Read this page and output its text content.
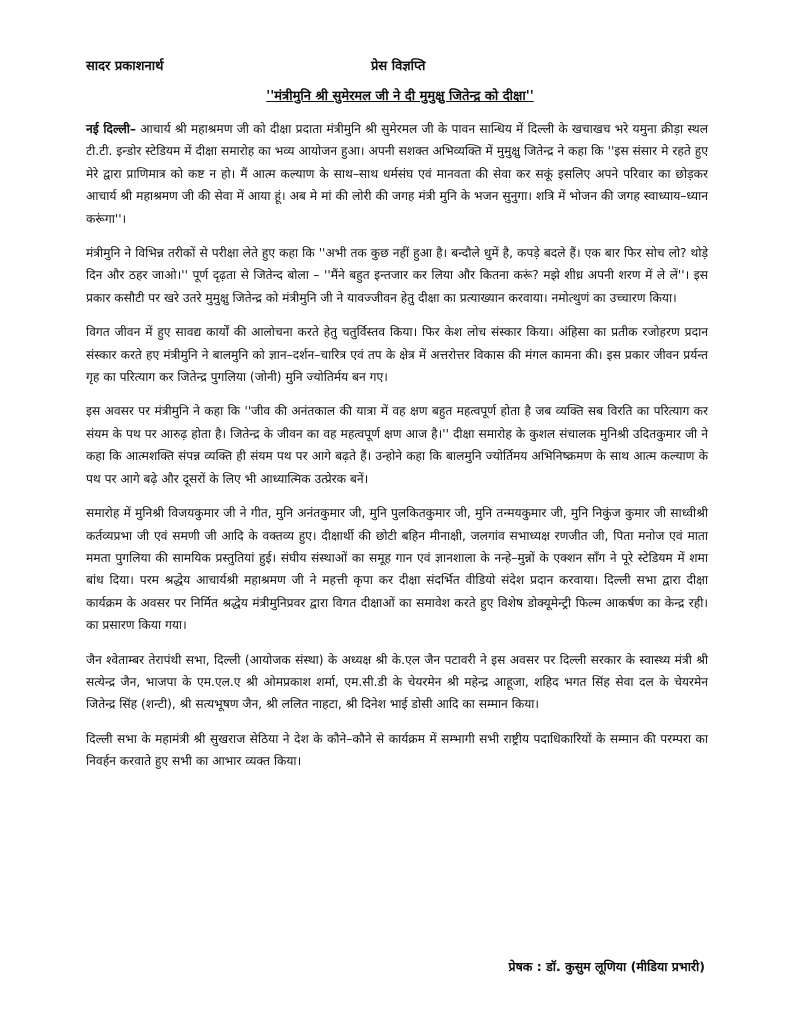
सादर प्रकाशनार्थ	प्रेस विज्ञप्ति
''मंत्रीमुनि श्री सुमेरमल जी ने दी मुमुक्षु जितेन्द्र को दीक्षा''

नई दिल्ली– आचार्य श्री महाश्रमण जी को दीक्षा प्रदाता मंत्रीमुनि श्री सुमेरमल जी के पावन सान्धिय में दिल्ली के खचाखच भरे यमुना क्रीड़ा स्थल टी.टी. इन्डोर स्टेडियम में दीक्षा समारोह का भव्य आयोजन हुआ। अपनी सशक्त अभिव्यक्ति में मुमुक्षु जितेन्द्र ने कहा कि ''इस संसार मे रहते हुए मेरे द्वारा प्राणिमात्र को कष्ट न हो। मैं आत्म कल्याण के साथ–साथ धर्मसंघ एवं मानवता की सेवा कर सकूं इसलिए अपने परिवार का छोड़कर आचार्य श्री महाश्रमण जी की सेवा में आया हूं। अब मे मां की लोरी की जगह मंत्री मुनि के भजन सुनुगा। शत्रि में भोजन की जगह स्वाध्याय–ध्यान करूंगा''।

मंत्रीमुनि ने विभिन्न तरीकों से परीक्षा लेते हुए कहा कि ''अभी तक कुछ नहीं हुआ है। बन्दौले धुमें है, कपड़े बदले हैं। एक बार फिर सोच लो? थोड़े दिन और ठहर जाओ।'' पूर्ण दृढ़ता से जितेन्द बोला – ''मैंने बहुत इन्तजार कर लिया और कितना करूं? मझे शीध्र अपनी शरण में ले लें''। इस प्रकार कसौटी पर खरे उतरे मुमुक्षु जितेन्द्र को मंत्रीमुनि जी ने यावज्जीवन हेतु दीक्षा का प्रत्याख्यान करवाया। नमोत्थुणं का उच्चारण किया।

विगत जीवन में हुए सावद्य कार्यों की आलोचना करते हेतु चतुर्विस्तव किया। फिर केश लोच संस्कार किया। अंहिसा का प्रतीक रजोहरण प्रदान संस्कार करते हए मंत्रीमुनि ने बालमुनि को ज्ञान–दर्शन–चारित्र एवं तप के क्षेत्र में अत्तरोत्तर विकास की मंगल कामना की। इस प्रकार जीवन प्रर्यन्त गृह का परित्याग कर जितेन्द्र पुगलिया (जोनी) मुनि ज्योतिर्मय बन गए।

इस अवसर पर मंत्रीमुनि ने कहा कि ''जीव की अनंतकाल की यात्रा में वह क्षण बहुत महत्वपूर्ण होता है जब व्यक्ति सब विरति का परित्याग कर संयम के पथ पर आरुढ़ होता है। जितेन्द्र के जीवन का वह महत्वपूर्ण क्षण आज है।'' दीक्षा समारोह के कुशल संचालक मुनिश्री उदितकुमार जी ने कहा कि आत्मशक्ति संपन्न व्यक्ति ही संयम पथ पर आगे बढ़ते हैं। उन्होने कहा कि बालमुनि ज्योर्तिमय अभिनिष्क्रमण के साथ आत्म कल्याण के पथ पर आगे बढ़े और दूसरों के लिए भी आध्यात्मिक उत्प्रेरक बनें।

समारोह में मुनिश्री विजयकुमार जी ने गीत, मुनि अनंतकुमार जी, मुनि पुलकितकुमार जी, मुनि तन्मयकुमार जी, मुनि निकुंज कुमार जी साध्वीश्री कर्तव्यप्रभा जी एवं समणी जी आदि के वक्तव्य हुए। दीक्षार्थी की छोटी बहिन मीनाक्षी, जलगांव सभाध्यक्ष रणजीत जी, पिता मनोज एवं माता ममता पुगलिया की सामयिक प्रस्तुतियां हुई। संघीय संस्थाओं का समूह गान एवं ज्ञानशाला के नन्हे–मुन्नों के एक्शन सॉंग ने पूरे स्टेडियम में शमा बांध दिया। परम श्रद्धेय आचार्यश्री महाश्रमण जी ने महत्ती कृपा कर दीक्षा संदर्भित वीडियो संदेश प्रदान करवाया। दिल्ली सभा द्वारा दीक्षा कार्यक्रम के अवसर पर निर्मित श्रद्धेय मंत्रीमुनिप्रवर द्वारा विगत दीक्षाओं का समावेश करते हुए विशेष डोक्यूमेन्ट्री फिल्म आकर्षण का केन्द्र रही।का प्रसारण किया गया।

जैन श्वेताम्बर तेरापंथी सभा, दिल्ली (आयोजक संस्था) के अध्यक्ष श्री के.एल जैन पटावरी ने इस अवसर पर दिल्ली सरकार के स्वास्थ्य मंत्री श्री सत्येन्द्र जैन, भाजपा के एम.एल.ए श्री ओमप्रकाश शर्मा, एम.सी.डी के चेयरमेन श्री महेन्द्र आहूजा, शहिद भगत सिंह सेवा दल के चेयरमेन जितेन्द्र सिंह (शन्टी), श्री सत्यभूषण जैन, श्री ललित नाहटा, श्री दिनेश भाई डोसी आदि का सम्मान किया।

दिल्ली सभा के महामंत्री श्री सुखराज सेठिया ने देश के कौने–कौने से कार्यक्रम में सम्भागी सभी राष्ट्रीय पदाधिकारियों के सम्मान की परम्परा का निवर्हन करवाते हुए सभी का आभार व्यक्त किया।

प्रेषक : डॉ. कुसुम लूणिया (मीडिया प्रभारी)
